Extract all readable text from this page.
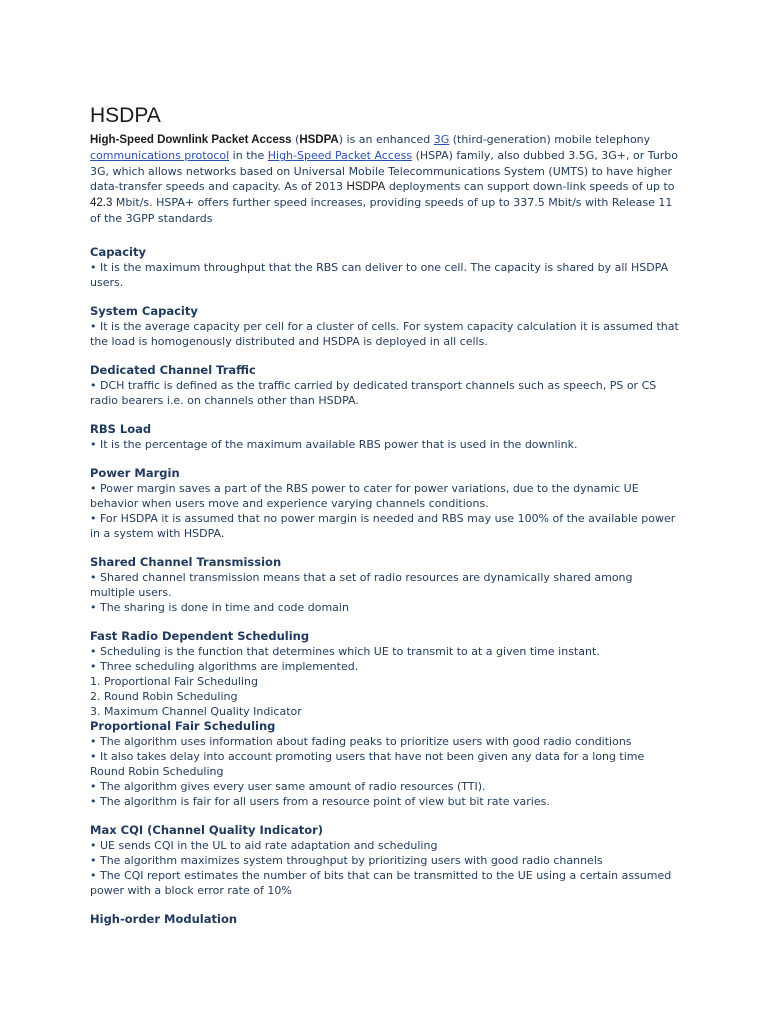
HSDPA

High-Speed Downlink Packet Access (HSDPA) is an enhanced 3G (third-generation) mobile telephony communications protocol in the High-Speed Packet Access (HSPA) family, also dubbed 3.5G, 3G+, or Turbo 3G, which allows networks based on Universal Mobile Telecommunications System (UMTS) to have higher data-transfer speeds and capacity. As of 2013 HSDPA deployments can support down-link speeds of up to 42.3 Mbit/s. HSPA+ offers further speed increases, providing speeds of up to 337.5 Mbit/s with Release 11 of the 3GPP standards

Capacity

• It is the maximum throughput that the RBS can deliver to one cell. The capacity is shared by all HSDPA users.

System Capacity

• It is the average capacity per cell for a cluster of cells. For system capacity calculation it is assumed that the load is homogenously distributed and HSDPA is deployed in all cells.

Dedicated Channel Traffic

• DCH traffic is defined as the traffic carried by dedicated transport channels such as speech, PS or CS radio bearers i.e. on channels other than HSDPA.

RBS Load

• It is the percentage of the maximum available RBS power that is used in the downlink.

Power Margin

• Power margin saves a part of the RBS power to cater for power variations, due to the dynamic UE behavior when users move and experience varying channels conditions.

• For HSDPA it is assumed that no power margin is needed and RBS may use 100% of the available power in a system with HSDPA.

Shared Channel Transmission

• Shared channel transmission means that a set of radio resources are dynamically shared among multiple users.

• The sharing is done in time and code domain

Fast Radio Dependent Scheduling

• Scheduling is the function that determines which UE to transmit to at a given time instant.

• Three scheduling algorithms are implemented.

1. Proportional Fair Scheduling

2. Round Robin Scheduling

3. Maximum Channel Quality Indicator

Proportional Fair Scheduling

• The algorithm uses information about fading peaks to prioritize users with good radio conditions

• It also takes delay into account promoting users that have not been given any data for a long time

Round Robin Scheduling

• The algorithm gives every user same amount of radio resources (TTI).

• The algorithm is fair for all users from a resource point of view but bit rate varies.

Max CQI (Channel Quality Indicator)

• UE sends CQI in the UL to aid rate adaptation and scheduling

• The algorithm maximizes system throughput by prioritizing users with good radio channels

• The CQI report estimates the number of bits that can be transmitted to the UE using a certain assumed power with a block error rate of 10%

High-order Modulation
